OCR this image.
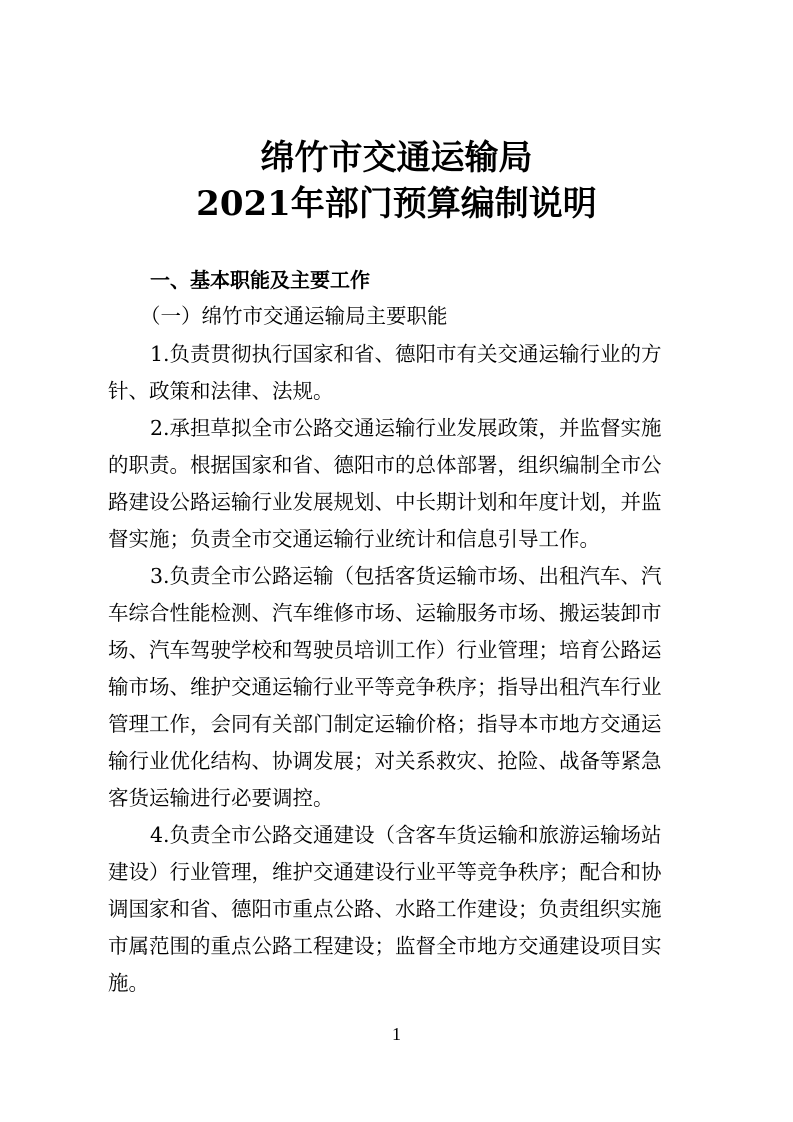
绵竹市交通运输局
2021年部门预算编制说明
一、基本职能及主要工作
（一）绵竹市交通运输局主要职能
1.负责贯彻执行国家和省、德阳市有关交通运输行业的方
针、政策和法律、法规。
2.承担草拟全市公路交通运输行业发展政策，并监督实施
的职责。根据国家和省、德阳市的总体部署，组织编制全市公
路建设公路运输行业发展规划、中长期计划和年度计划，并监
督实施；负责全市交通运输行业统计和信息引导工作。
3.负责全市公路运输（包括客货运输市场、出租汽车、汽
车综合性能检测、汽车维修市场、运输服务市场、搬运装卸市
场、汽车驾驶学校和驾驶员培训工作）行业管理；培育公路运
输市场、维护交通运输行业平等竞争秩序；指导出租汽车行业
管理工作，会同有关部门制定运输价格；指导本市地方交通运
输行业优化结构、协调发展；对关系救灾、抢险、战备等紧急
客货运输进行必要调控。
4.负责全市公路交通建设（含客车货运输和旅游运输场站
建设）行业管理，维护交通建设行业平等竞争秩序；配合和协
调国家和省、德阳市重点公路、水路工作建设；负责组织实施
市属范围的重点公路工程建设；监督全市地方交通建设项目实
施。
1
